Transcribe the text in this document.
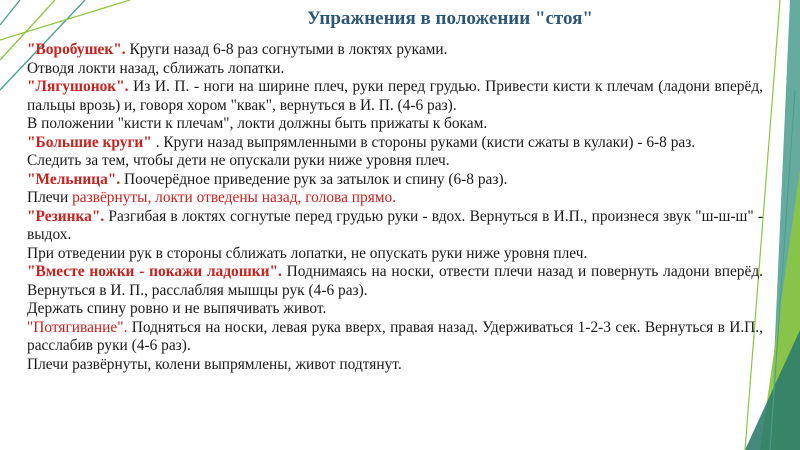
Упражнения в положении "стоя"

"Воробушек". Круги назад 6-8 раз согнутыми в локтях руками.

Отводя локти назад, сближать лопатки.

"Лягушонок". Из И. П. - ноги на ширине плеч, руки перед грудью. Привести кисти к плечам (ладони вперёд, пальцы врозь) и, говоря хором "квак", вернуться в И. П. (4-6 раз).

В положении "кисти к плечам", локти должны быть прижаты к бокам.

"Большие круги" . Круги назад выпрямленными в стороны руками (кисти сжаты в кулаки) - 6-8 раз.

Следить за тем, чтобы дети не опускали руки ниже уровня плеч.

"Мельница". Поочерёдное приведение рук за затылок и спину (6-8 раз).

Плечи развёрнуты, локти отведены назад, голова прямо.

"Резинка". Разгибая в локтях согнутые перед грудью руки - вдох. Вернуться в И.П., произнеся звук "ш-ш-ш" - выдох.

При отведении рук в стороны сближать лопатки, не опускать руки ниже уровня плеч.

"Вместе ножки - покажи ладошки". Поднимаясь на носки, отвести плечи назад и повернуть ладони вперёд. Вернуться в И. П., расслабляя мышцы рук (4-6 раз).

Держать спину ровно и не выпячивать живот.

"Потягивание". Подняться на носки, левая рука вверх, правая назад. Удерживаться 1-2-3 сек. Вернуться в И.П., расслабив руки (4-6 раз).

Плечи развёрнуты, колени выпрямлены, живот подтянут.
